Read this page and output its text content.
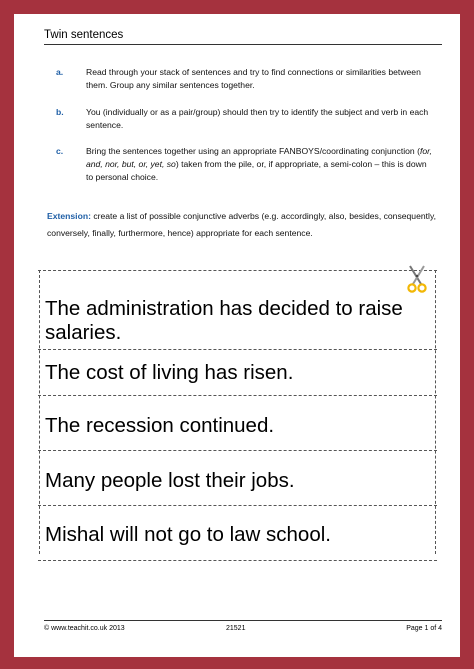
Twin sentences
a.	Read through your stack of sentences and try to find connections or similarities between them. Group any similar sentences together.
b.	You (individually or as a pair/group) should then try to identify the subject and verb in each sentence.
c.	Bring the sentences together using an appropriate FANBOYS/coordinating conjunction (for, and, nor, but, or, yet, so) taken from the pile, or, if appropriate, a semi-colon – this is down to personal choice.
Extension: create a list of possible conjunctive adverbs (e.g. accordingly, also, besides, consequently, conversely, finally, furthermore, hence) appropriate for each sentence.
The administration has decided to raise salaries.
The cost of living has risen.
The recession continued.
Many people lost their jobs.
Mishal will not go to law school.
© www.teachit.co.uk 2013	21521	Page 1 of 4
